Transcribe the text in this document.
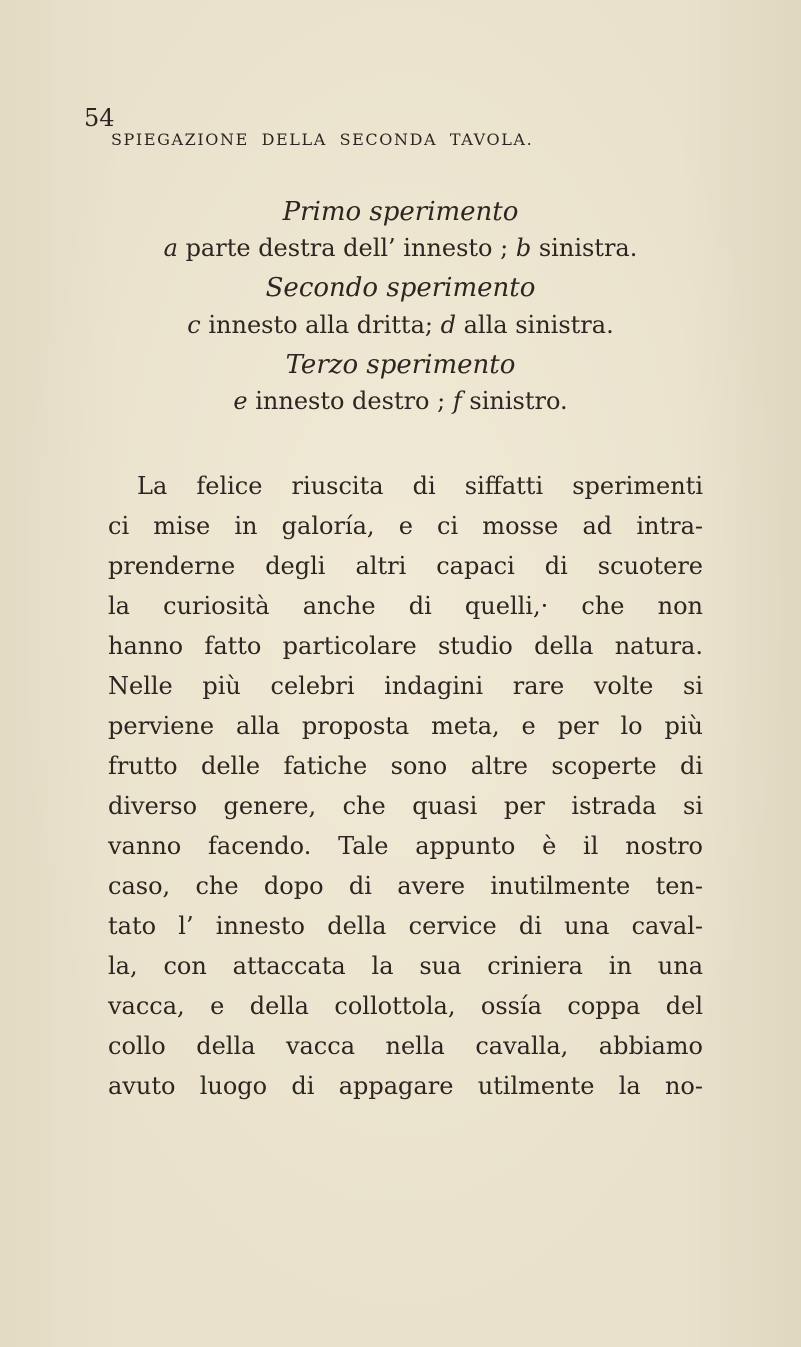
54
SPIEGAZIONE DELLA SECONDA TAVOLA.
Primo sperimento
a parte destra dell’ innesto ; b sinistra.
Secondo sperimento
c innesto alla dritta; d alla sinistra.
Terzo sperimento
e innesto destro ; f sinistro.
La felice riuscita di siffatti sperimenti
ci mise in galoría, e ci mosse ad intra-
prenderne degli altri capaci di scuotere
la curiosità anche di quelli,· che non
hanno fatto particolare studio della natura.
Nelle più celebri indagini rare volte si
perviene alla proposta meta, e per lo più
frutto delle fatiche sono altre scoperte di
diverso genere, che quasi per istrada si
vanno facendo. Tale appunto è il nostro
caso, che dopo di avere inutilmente ten-
tato l’ innesto della cervice di una caval-
la, con attaccata la sua criniera in una
vacca, e della collottola, ossía coppa del
collo della vacca nella cavalla, abbiamo
avuto luogo di appagare utilmente la no-
